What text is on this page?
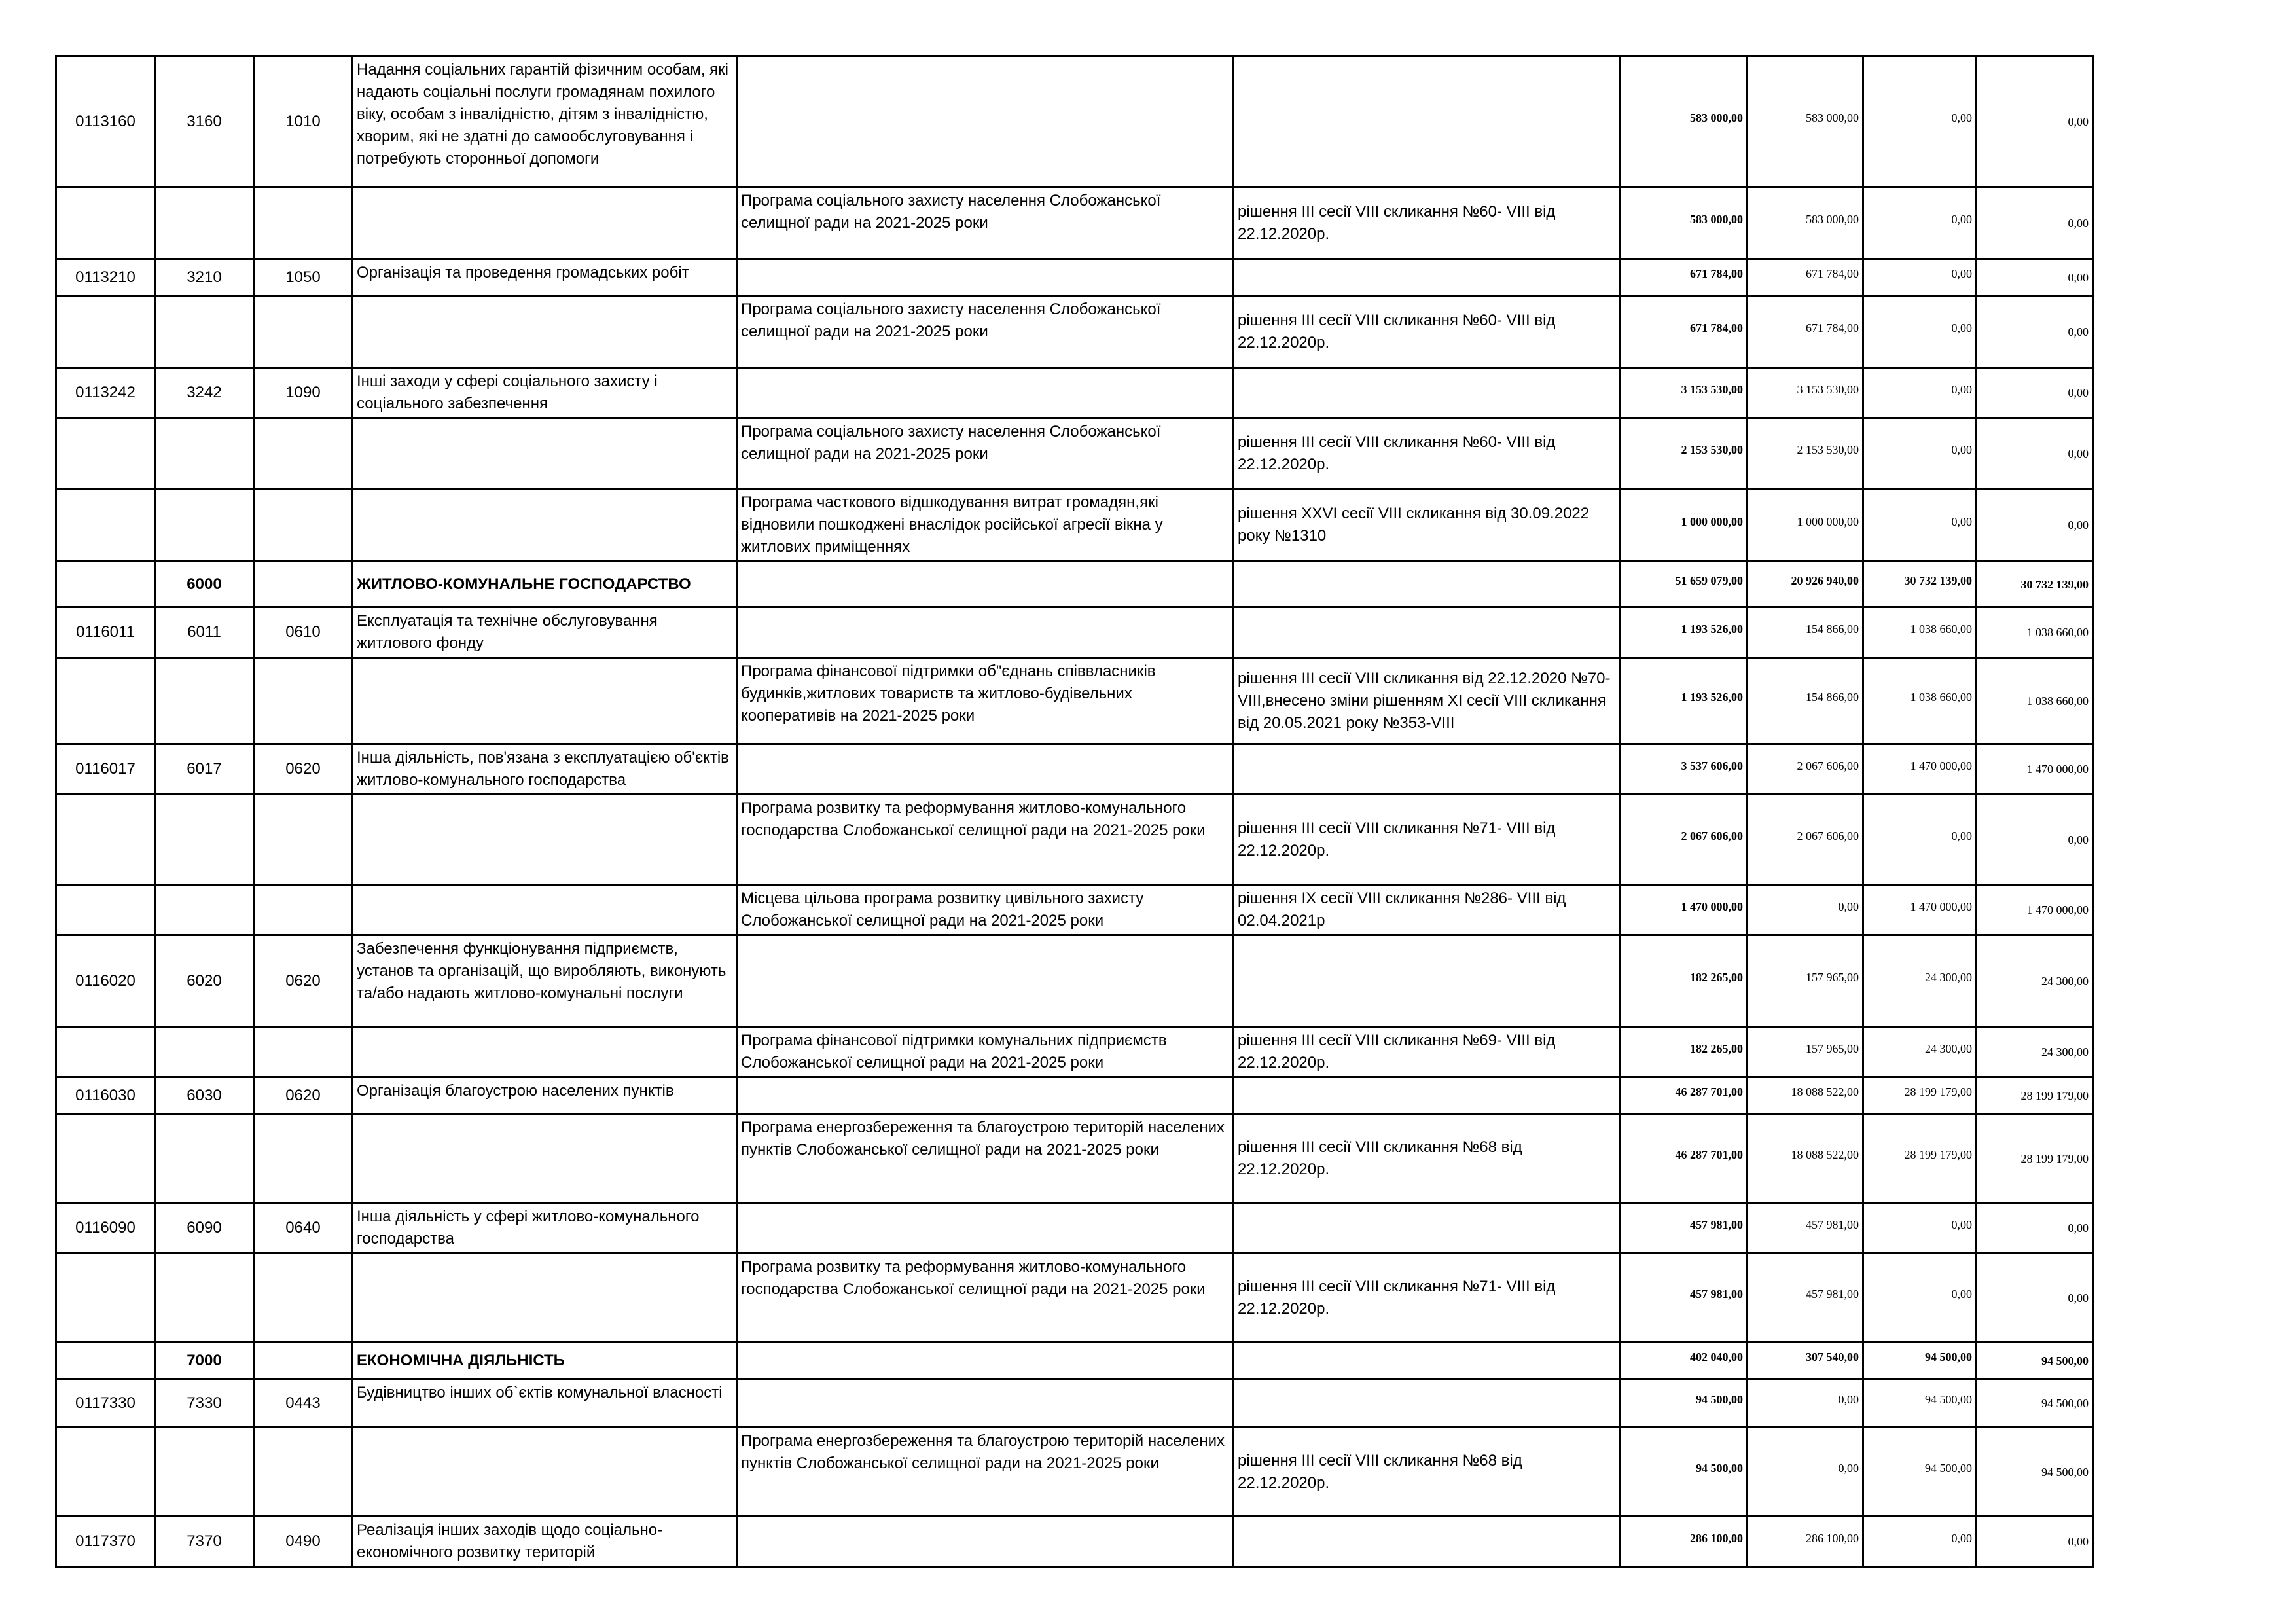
0113160	3160	1010	Надання соціальних гарантій фізичним особам, які надають соціальні послуги громадянам похилого віку, особам з інвалідністю, дітям з інвалідністю, хворим, які не здатні до самообслуговування і потребують сторонньої допомоги			583 000,00	583 000,00	0,00	0,00
				Програма соціального захисту населення Слобожанської селищної ради на 2021-2025 роки	рішення ІІІ сесії VIII скликання №60- VIII від 22.12.2020р.	583 000,00	583 000,00	0,00	0,00
0113210	3210	1050	Організація та проведення громадських робіт			671 784,00	671 784,00	0,00	0,00
				Програма соціального захисту населення Слобожанської селищної ради на 2021-2025 роки	рішення ІІІ сесії VIII скликання №60- VIII від 22.12.2020р.	671 784,00	671 784,00	0,00	0,00
0113242	3242	1090	Інші заходи у сфері соціального захисту і соціального забезпечення			3 153 530,00	3 153 530,00	0,00	0,00
				Програма соціального захисту населення Слобожанської селищної ради на 2021-2025 роки	рішення ІІІ сесії VIII скликання №60- VIII від 22.12.2020р.	2 153 530,00	2 153 530,00	0,00	0,00
				Програма часткового відшкодування витрат громадян,які відновили пошкоджені внаслідок російської агресії вікна у житлових приміщеннях	рішення XXVI сесії VIII скликання від 30.09.2022 року №1310	1 000 000,00	1 000 000,00	0,00	0,00
	6000		ЖИТЛОВО-КОМУНАЛЬНЕ ГОСПОДАРСТВО			51 659 079,00	20 926 940,00	30 732 139,00	30 732 139,00
0116011	6011	0610	Експлуатація та технічне обслуговування житлового фонду			1 193 526,00	154 866,00	1 038 660,00	1 038 660,00
				Програма фінансової підтримки об"єднань співвласників будинків,житлових товариств та житлово-будівельних кооперативів на 2021-2025 роки	рішення ІІІ сесії VIII скликання від 22.12.2020 №70-VIII,внесено зміни рішенням ХІ сесії VIII скликання від 20.05.2021 року №353-VIII	1 193 526,00	154 866,00	1 038 660,00	1 038 660,00
0116017	6017	0620	Інша діяльність, пов'язана з експлуатацією об'єктів житлово-комунального господарства			3 537 606,00	2 067 606,00	1 470 000,00	1 470 000,00
				Програма розвитку та реформування житлово-комунального господарства Слобожанської селищної ради на 2021-2025 роки	рішення ІІІ сесії VIII скликання №71- VIII від 22.12.2020р.	2 067 606,00	2 067 606,00	0,00	0,00
				Місцева цільова програма розвитку цивільного захисту Слобожанської селищної ради на 2021-2025 роки	рішення IX сесії VIII скликання №286- VIII від 02.04.2021р	1 470 000,00	0,00	1 470 000,00	1 470 000,00
0116020	6020	0620	Забезпечення функціонування підприємств, установ та організацій, що виробляють, виконують та/або надають житлово-комунальні послуги			182 265,00	157 965,00	24 300,00	24 300,00
				Програма фінансової підтримки комунальних підприємств Слобожанської селищної ради на 2021-2025 роки	рішення ІІІ сесії VIII скликання №69- VIII від 22.12.2020р.	182 265,00	157 965,00	24 300,00	24 300,00
0116030	6030	0620	Організація благоустрою населених пунктів			46 287 701,00	18 088 522,00	28 199 179,00	28 199 179,00
				Програма енергозбереження та благоустрою територій населених пунктів Слобожанської селищної ради на 2021-2025 роки	рішення ІІІ сесії VIII скликання №68 від 22.12.2020р.	46 287 701,00	18 088 522,00	28 199 179,00	28 199 179,00
0116090	6090	0640	Інша діяльність у сфері житлово-комунального господарства			457 981,00	457 981,00	0,00	0,00
				Програма розвитку та реформування житлово-комунального господарства Слобожанської селищної ради на 2021-2025 роки	рішення ІІІ сесії VIII скликання №71- VIII від 22.12.2020р.	457 981,00	457 981,00	0,00	0,00
	7000		ЕКОНОМІЧНА ДІЯЛЬНІСТЬ			402 040,00	307 540,00	94 500,00	94 500,00
0117330	7330	0443	Будівництво інших об`єктів комунальної власності			94 500,00	0,00	94 500,00	94 500,00
				Програма енергозбереження та благоустрою територій населених пунктів Слобожанської селищної ради на 2021-2025 роки	рішення ІІІ сесії VIII скликання №68 від 22.12.2020р.	94 500,00	0,00	94 500,00	94 500,00
0117370	7370	0490	Реалізація інших заходів щодо соціально-економічного розвитку територій			286 100,00	286 100,00	0,00	0,00
